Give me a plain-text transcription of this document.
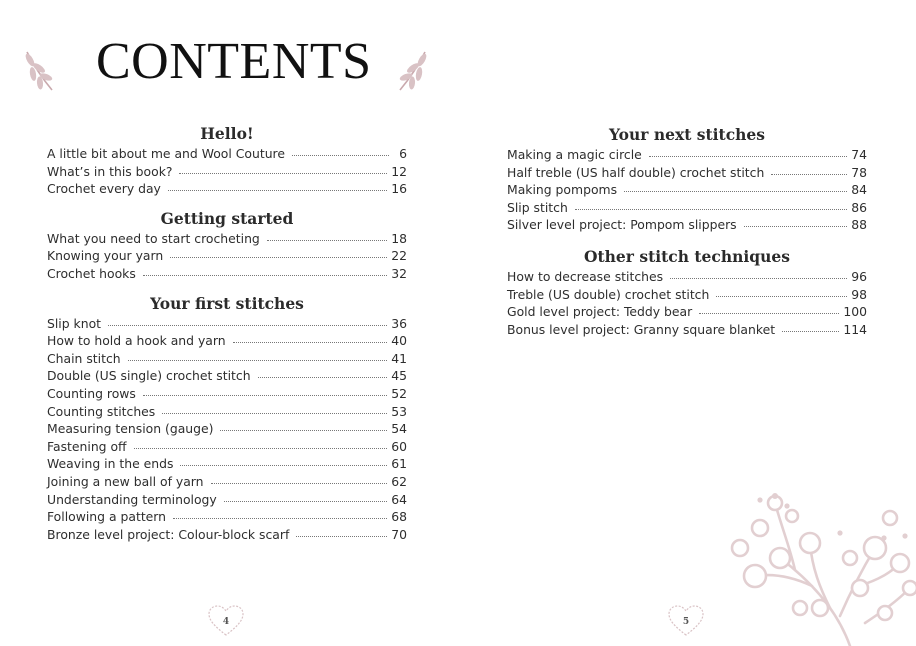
CONTENTS
Hello!
A little bit about me and Wool Couture	6
What’s in this book?	12
Crochet every day	16
Getting started
What you need to start crocheting	18
Knowing your yarn	22
Crochet hooks	32
Your first stitches
Slip knot	36
How to hold a hook and yarn	40
Chain stitch	41
Double (US single) crochet stitch	45
Counting rows	52
Counting stitches	53
Measuring tension (gauge)	54
Fastening off	60
Weaving in the ends	61
Joining a new ball of yarn	62
Understanding terminology	64
Following a pattern	68
Bronze level project: Colour-block scarf	70
Your next stitches
Making a magic circle	74
Half treble (US half double) crochet stitch	78
Making pompoms	84
Slip stitch	86
Silver level project: Pompom slippers	88
Other stitch techniques
How to decrease stitches	96
Treble (US double) crochet stitch	98
Gold level project: Teddy bear	100
Bonus level project: Granny square blanket	114
4	5
